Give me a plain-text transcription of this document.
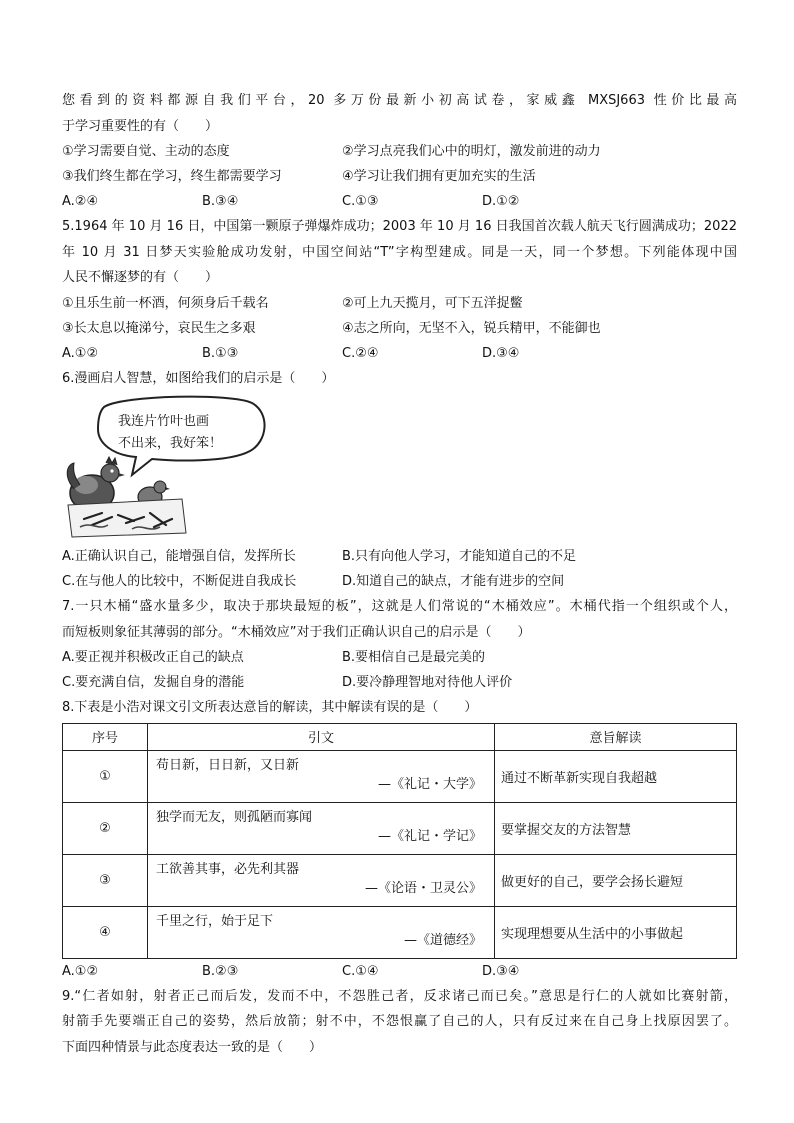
您看到的资料都源自我们平台，20 多万份最新小初高试卷，家威鑫 MXSJ663 性价比最高
于学习重要性的有（　　）
①学习需要自觉、主动的态度	②学习点亮我们心中的明灯，激发前进的动力
③我们终生都在学习，终生都需要学习	④学习让我们拥有更加充实的生活
A.②④	B.③④	C.①③	D.①②
5.1964 年 10 月 16 日，中国第一颗原子弹爆炸成功；2003 年 10 月 16 日我国首次载人航天飞行圆满成功；2022
年 10 月 31 日梦天实验舱成功发射，中国空间站“T”字构型建成。同是一天，同一个梦想。下列能体现中国
人民不懈逐梦的有（　　）
①且乐生前一杯酒，何须身后千载名	②可上九天揽月，可下五洋捉鳖
③长太息以掩涕兮，哀民生之多艰	④志之所向，无坚不入，锐兵精甲，不能御也
A.①②	B.①③	C.②④	D.③④
6.漫画启人智慧，如图给我们的启示是（　　）
我连片竹叶也画
不出来，我好笨！
A.正确认识自己，能增强自信，发挥所长	B.只有向他人学习，才能知道自己的不足
C.在与他人的比较中，不断促进自我成长	D.知道自己的缺点，才能有进步的空间
7.一只木桶“盛水量多少，取决于那块最短的板”，这就是人们常说的“木桶效应”。木桶代指一个组织或个人，
而短板则象征其薄弱的部分。“木桶效应”对于我们正确认识自己的启示是（　　）
A.要正视并积极改正自己的缺点	B.要相信自己是最完美的
C.要充满自信，发掘自身的潜能	D.要冷静理智地对待他人评价
8.下表是小浩对课文引文所表达意旨的解读，其中解读有误的是（　　）
序号	引文	意旨解读
①	苟日新，日日新，又日新
—《礼记・大学》	通过不断革新实现自我超越
②	独学而无友，则孤陋而寡闻
—《礼记・学记》	要掌握交友的方法智慧
③	工欲善其事，必先利其器
—《论语・卫灵公》	做更好的自己，要学会扬长避短
④	千里之行，始于足下
—《道德经》	实现理想要从生活中的小事做起
A.①②	B.②③	C.①④	D.③④
9.“仁者如射，射者正己而后发，发而不中，不怨胜己者，反求诸己而已矣。”意思是行仁的人就如比赛射箭，
射箭手先要端正自己的姿势，然后放箭；射不中，不怨恨赢了自己的人，只有反过来在自己身上找原因罢了。
下面四种情景与此态度表达一致的是（　　）
